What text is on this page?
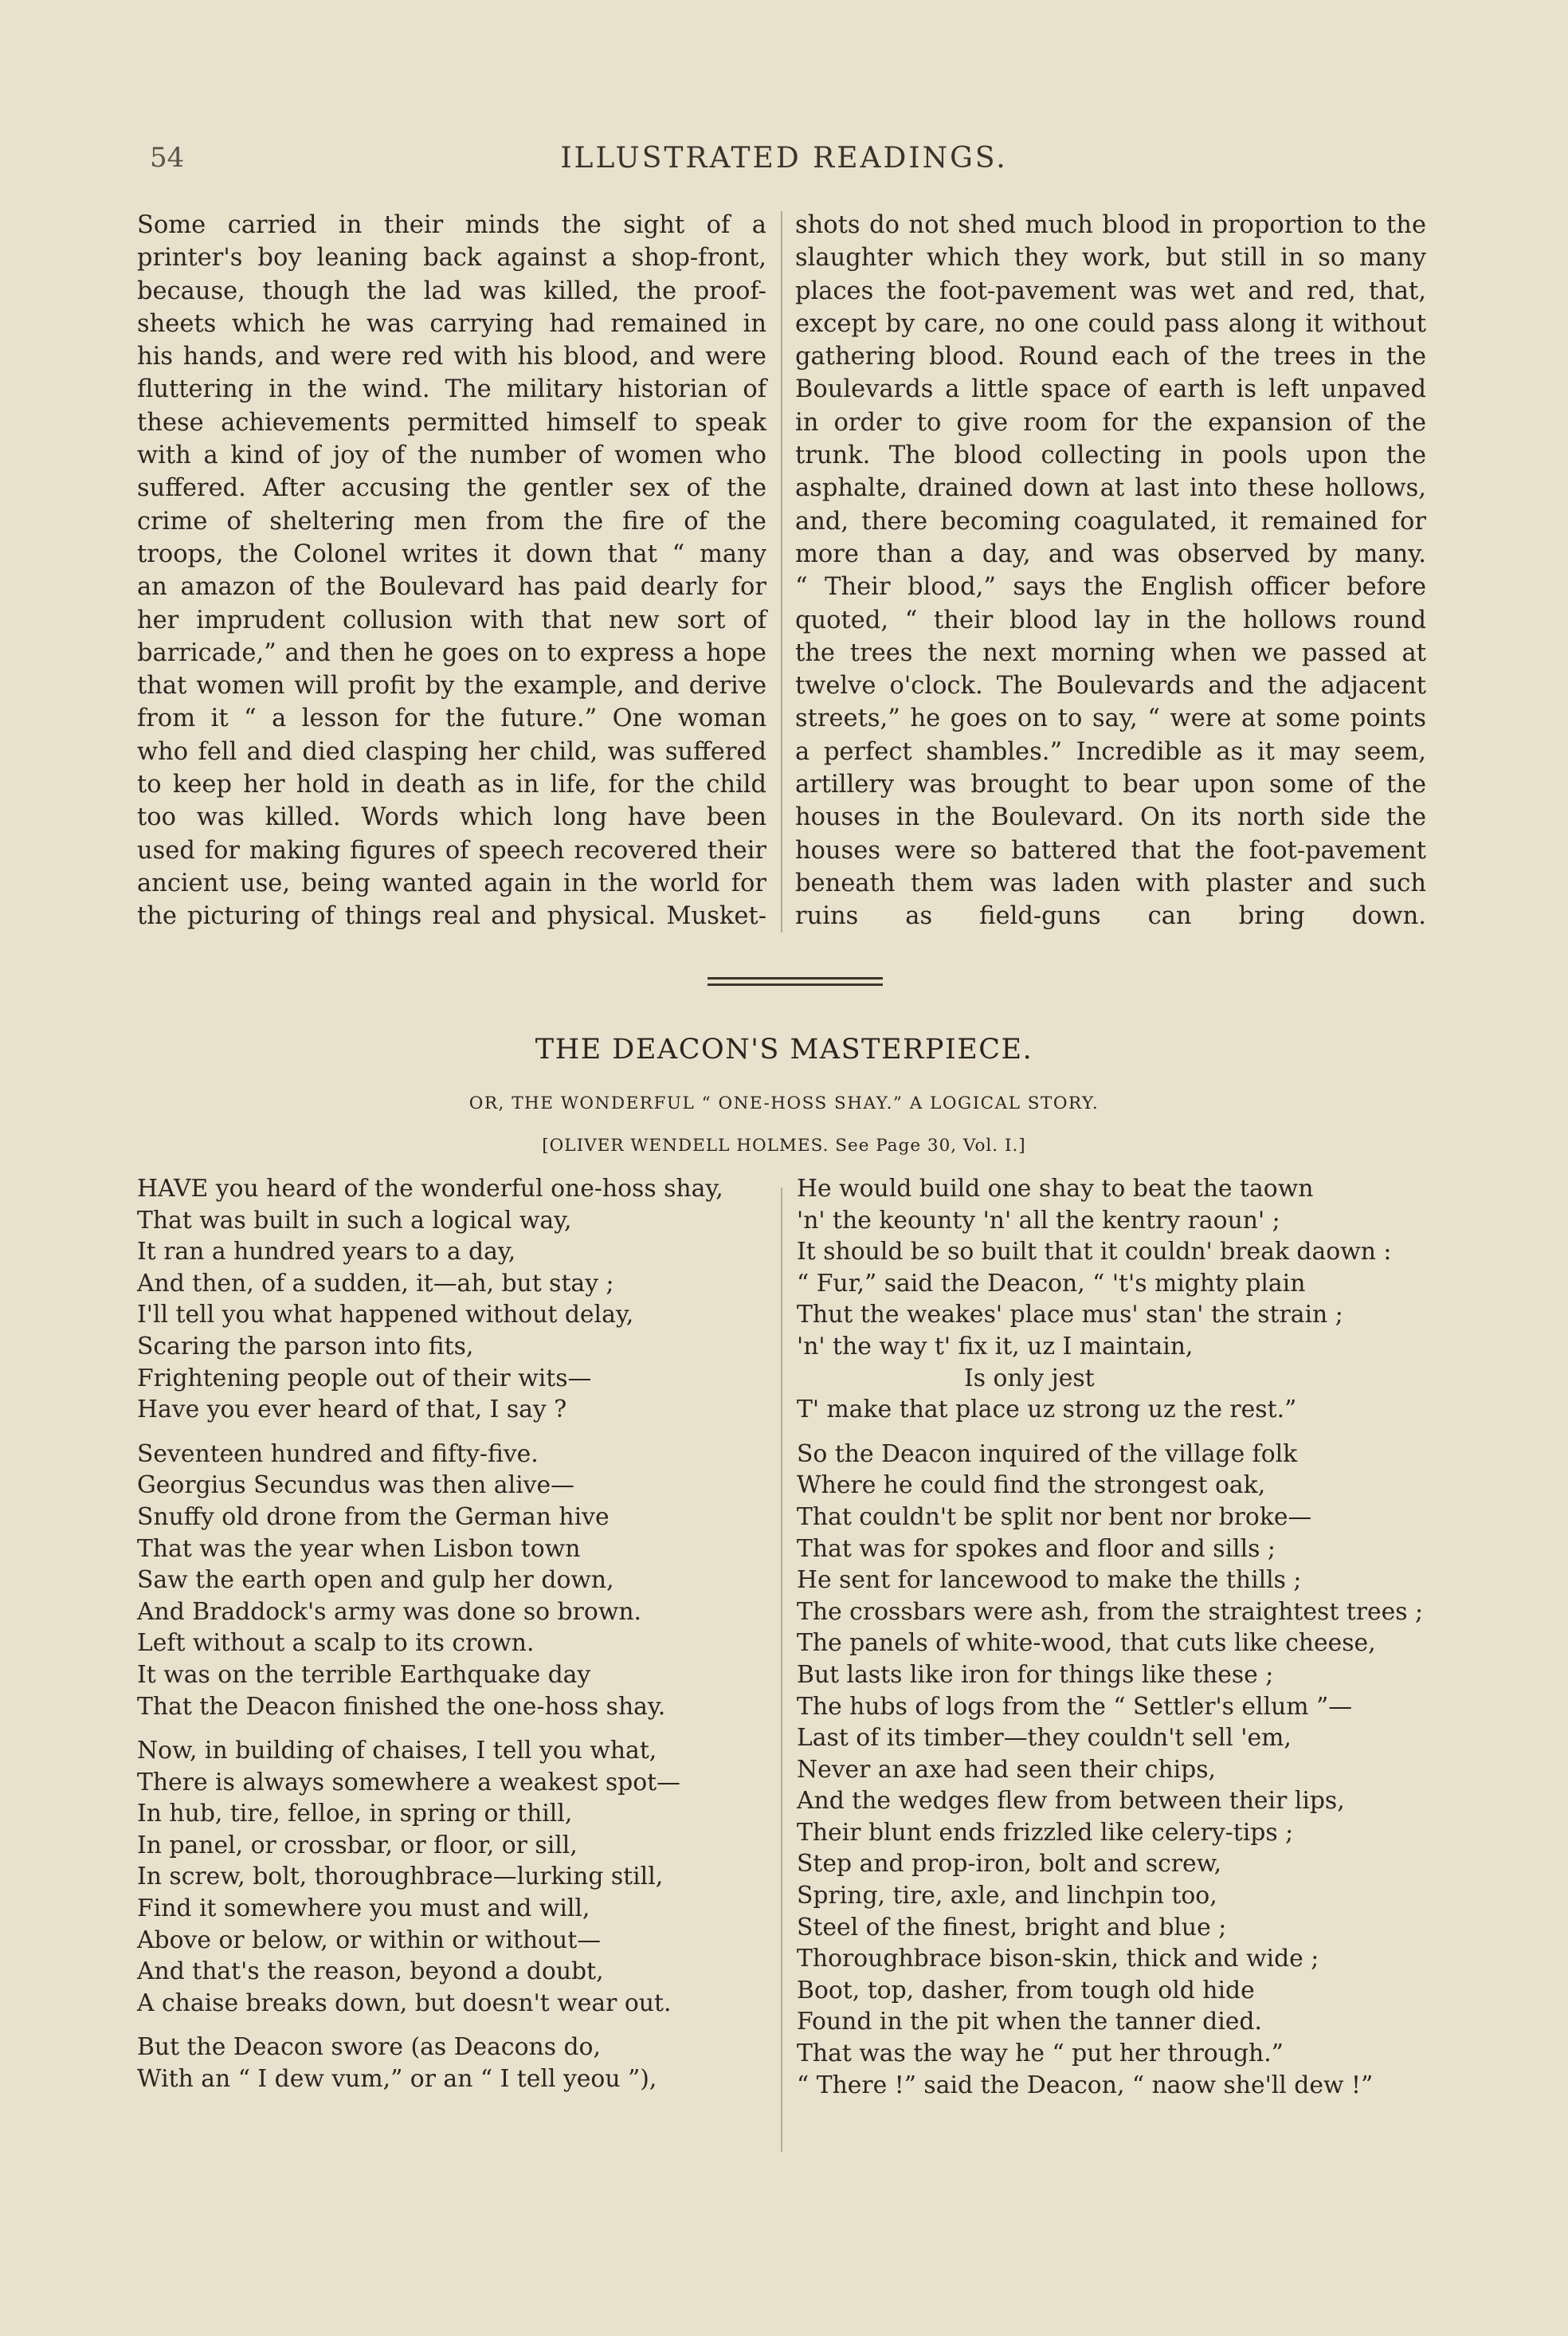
54	ILLUSTRATED READINGS.
Some carried in their minds the sight of a
printer's boy leaning back against a shop-front,
because, though the lad was killed, the proof-
sheets which he was carrying had remained in
his hands, and were red with his blood, and were
fluttering in the wind. The military historian of
these achievements permitted himself to speak
with a kind of joy of the number of women who
suffered. After accusing the gentler sex of the
crime of sheltering men from the fire of the
troops, the Colonel writes it down that “ many
an amazon of the Boulevard has paid dearly for
her imprudent collusion with that new sort of
barricade,” and then he goes on to express a hope
that women will profit by the example, and derive
from it “ a lesson for the future.” One woman
who fell and died clasping her child, was suffered
to keep her hold in death as in life, for the child
too was killed. Words which long have been
used for making figures of speech recovered their
ancient use, being wanted again in the world for
the picturing of things real and physical. Musket-
shots do not shed much blood in proportion to the
slaughter which they work, but still in so many
places the foot-pavement was wet and red, that,
except by care, no one could pass along it without
gathering blood. Round each of the trees in the
Boulevards a little space of earth is left unpaved
in order to give room for the expansion of the
trunk. The blood collecting in pools upon the
asphalte, drained down at last into these hollows,
and, there becoming coagulated, it remained for
more than a day, and was observed by many.
“ Their blood,” says the English officer before
quoted, “ their blood lay in the hollows round
the trees the next morning when we passed at
twelve o'clock. The Boulevards and the adjacent
streets,” he goes on to say, “ were at some points
a perfect shambles.” Incredible as it may seem,
artillery was brought to bear upon some of the
houses in the Boulevard. On its north side the
houses were so battered that the foot-pavement
beneath them was laden with plaster and such
ruins as field-guns can bring down.
THE DEACON'S MASTERPIECE.
OR, THE WONDERFUL “ ONE-HOSS SHAY.” A LOGICAL STORY.
[OLIVER WENDELL HOLMES. See Page 30, Vol. I.]
HAVE you heard of the wonderful one-hoss shay,
That was built in such a logical way,
It ran a hundred years to a day,
And then, of a sudden, it—ah, but stay ;
I'll tell you what happened without delay,
Scaring the parson into fits,
Frightening people out of their wits—
Have you ever heard of that, I say ?
Seventeen hundred and fifty-five.
Georgius Secundus was then alive—
Snuffy old drone from the German hive
That was the year when Lisbon town
Saw the earth open and gulp her down,
And Braddock's army was done so brown.
Left without a scalp to its crown.
It was on the terrible Earthquake day
That the Deacon finished the one-hoss shay.
Now, in building of chaises, I tell you what,
There is always somewhere a weakest spot—
In hub, tire, felloe, in spring or thill,
In panel, or crossbar, or floor, or sill,
In screw, bolt, thoroughbrace—lurking still,
Find it somewhere you must and will,
Above or below, or within or without—
And that's the reason, beyond a doubt,
A chaise breaks down, but doesn't wear out.
But the Deacon swore (as Deacons do,
With an “ I dew vum,” or an “ I tell yeou ”),
He would build one shay to beat the taown
'n' the keounty 'n' all the kentry raoun' ;
It should be so built that it couldn' break daown :
“ Fur,” said the Deacon, “ 't's mighty plain
Thut the weakes' place mus' stan' the strain ;
'n' the way t' fix it, uz I maintain,
Is only jest
T' make that place uz strong uz the rest.”
So the Deacon inquired of the village folk
Where he could find the strongest oak,
That couldn't be split nor bent nor broke—
That was for spokes and floor and sills ;
He sent for lancewood to make the thills ;
The crossbars were ash, from the straightest trees ;
The panels of white-wood, that cuts like cheese,
But lasts like iron for things like these ;
The hubs of logs from the “ Settler's ellum ”—
Last of its timber—they couldn't sell 'em,
Never an axe had seen their chips,
And the wedges flew from between their lips,
Their blunt ends frizzled like celery-tips ;
Step and prop-iron, bolt and screw,
Spring, tire, axle, and linchpin too,
Steel of the finest, bright and blue ;
Thoroughbrace bison-skin, thick and wide ;
Boot, top, dasher, from tough old hide
Found in the pit when the tanner died.
That was the way he “ put her through.”
“ There !” said the Deacon, “ naow she'll dew !”
